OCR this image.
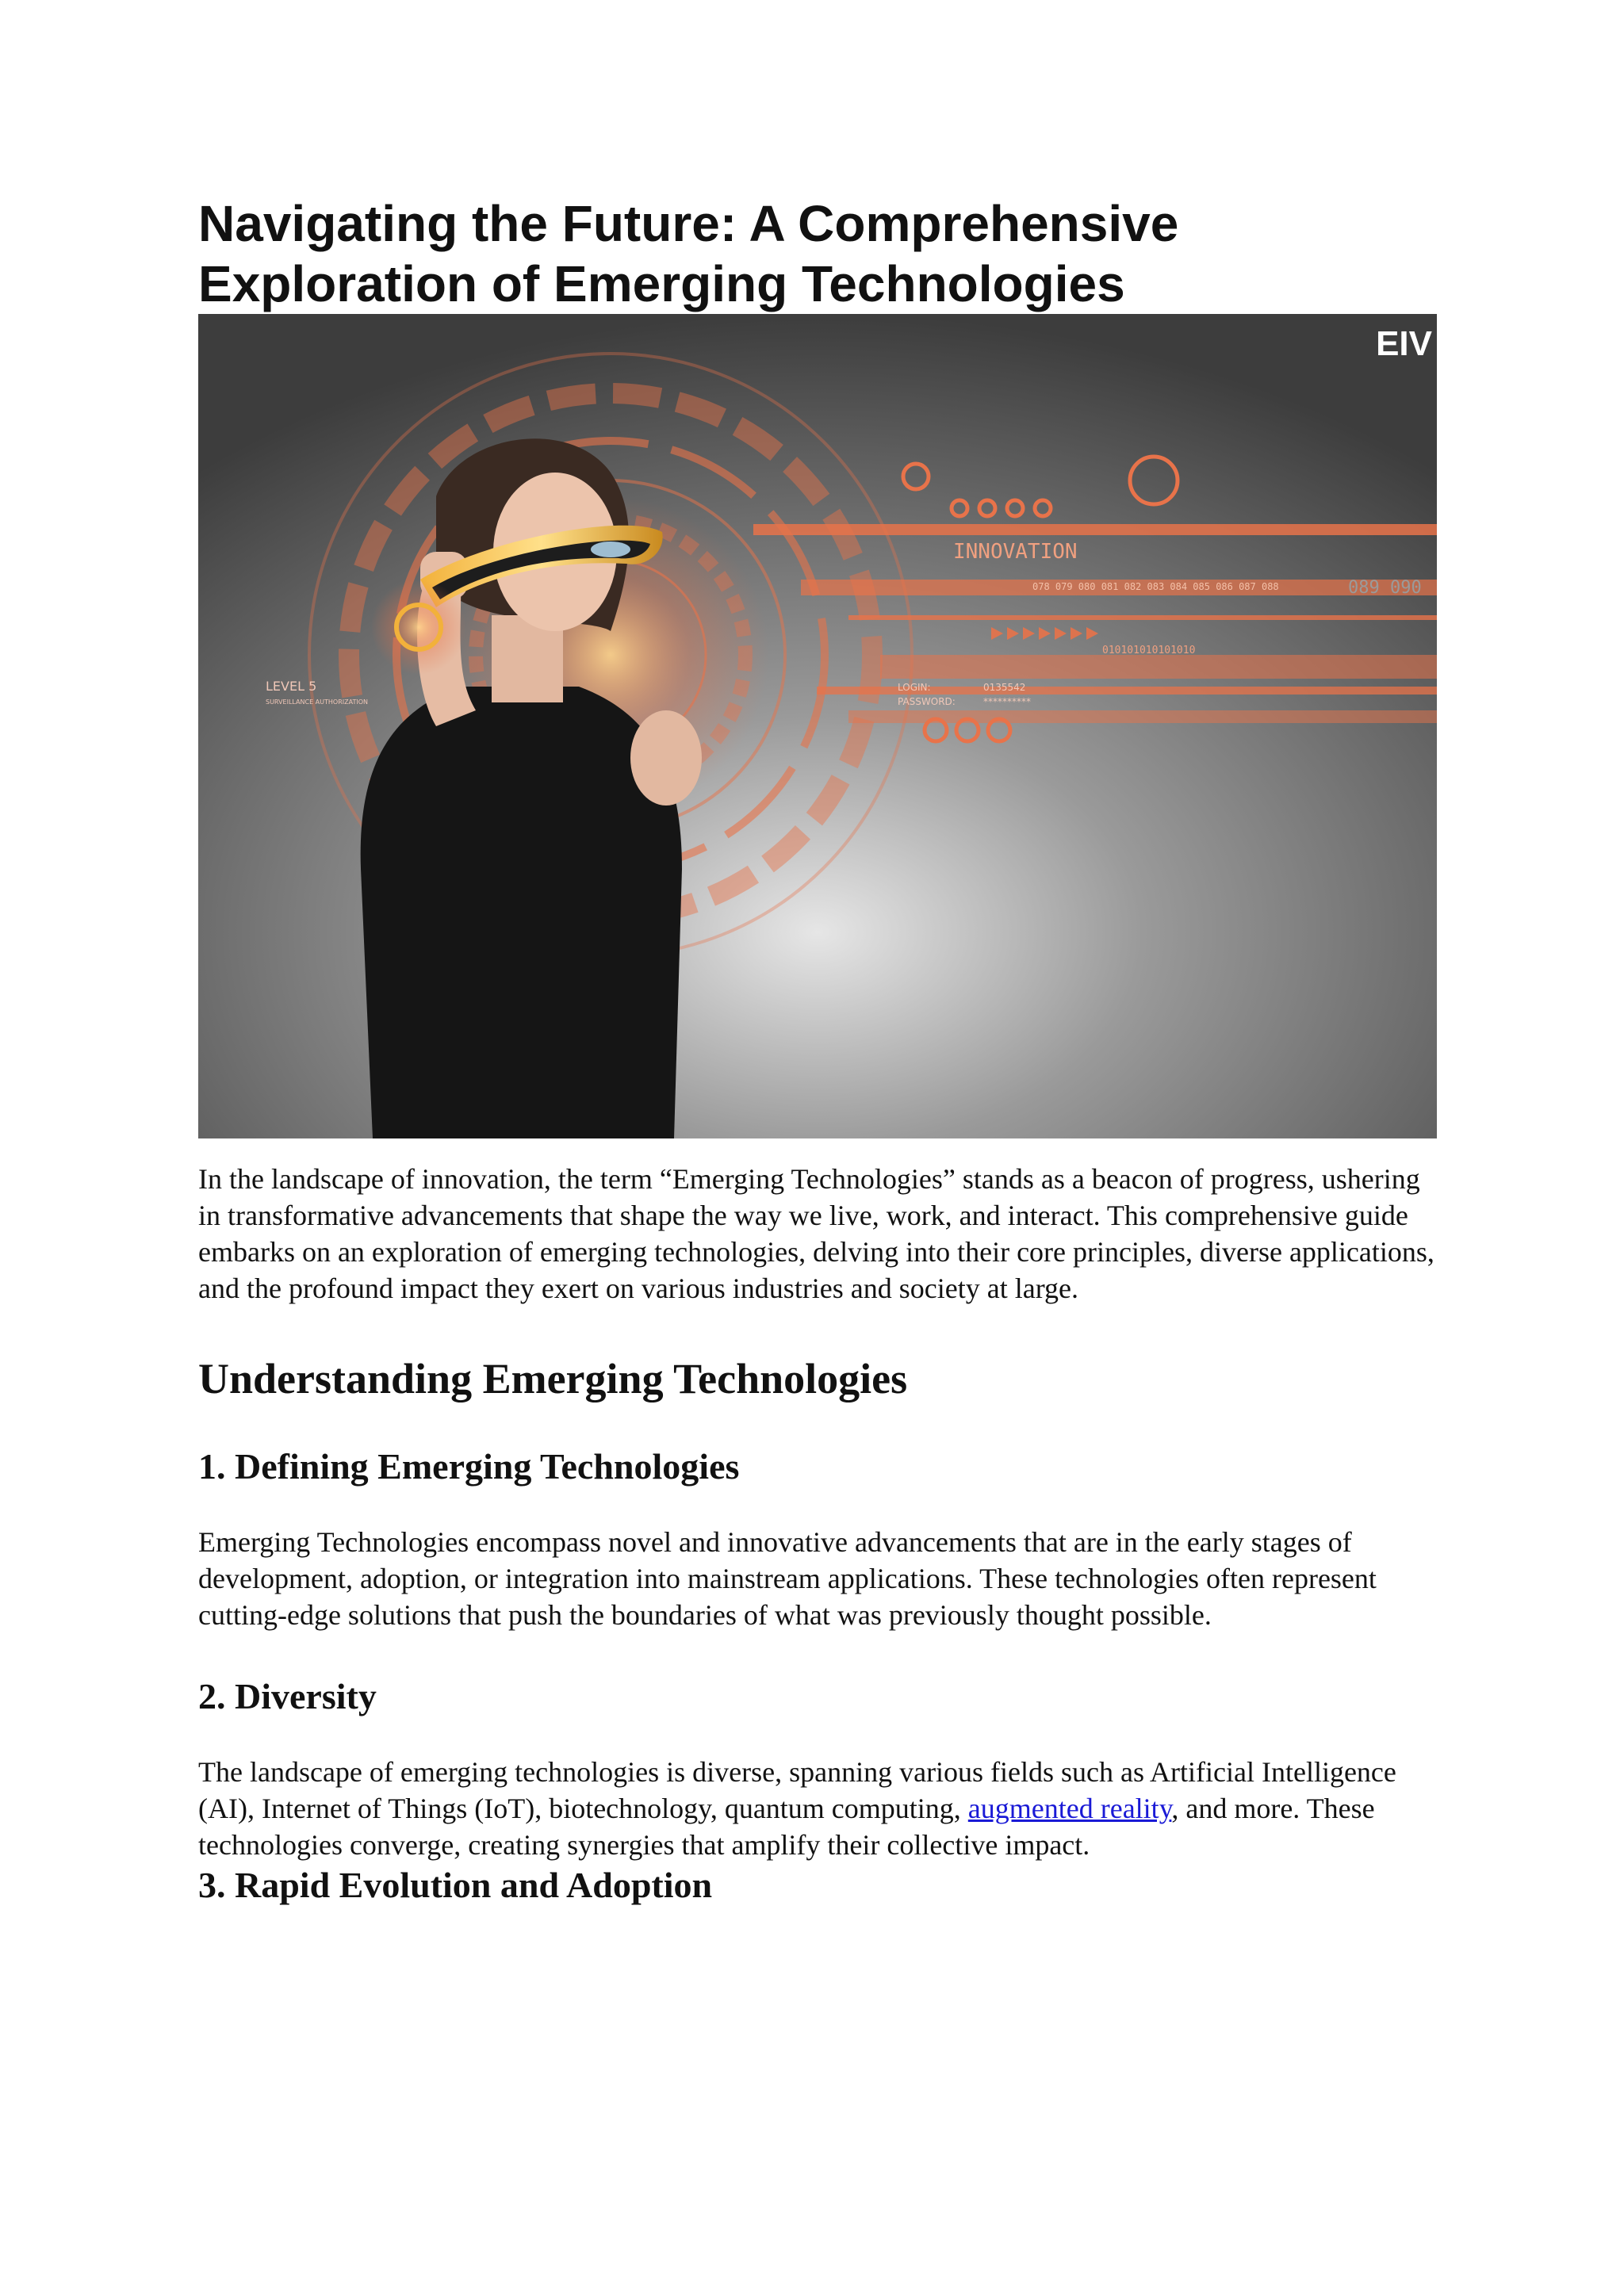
Navigating the Future: A Comprehensive Exploration of Emerging Technologies
EIV
INNOVATION
078 079 080 081 082 083 084 085 086 087 088	089 090
010101010101010
LEVEL 5
SURVEILLANCE AUTHORIZATION
LOGIN:	0135542
PASSWORD:	**********

In the landscape of innovation, the term “Emerging Technologies” stands as a beacon of progress, ushering in transformative advancements that shape the way we live, work, and interact. This comprehensive guide embarks on an exploration of emerging technologies, delving into their core principles, diverse applications, and the profound impact they exert on various industries and society at large.

Understanding Emerging Technologies
1. Defining Emerging Technologies

Emerging Technologies encompass novel and innovative advancements that are in the early stages of development, adoption, or integration into mainstream applications. These technologies often represent cutting-edge solutions that push the boundaries of what was previously thought possible.

2. Diversity

The landscape of emerging technologies is diverse, spanning various fields such as Artificial Intelligence (AI), Internet of Things (IoT), biotechnology, quantum computing, augmented reality, and more. These technologies converge, creating synergies that amplify their collective impact.

3. Rapid Evolution and Adoption
